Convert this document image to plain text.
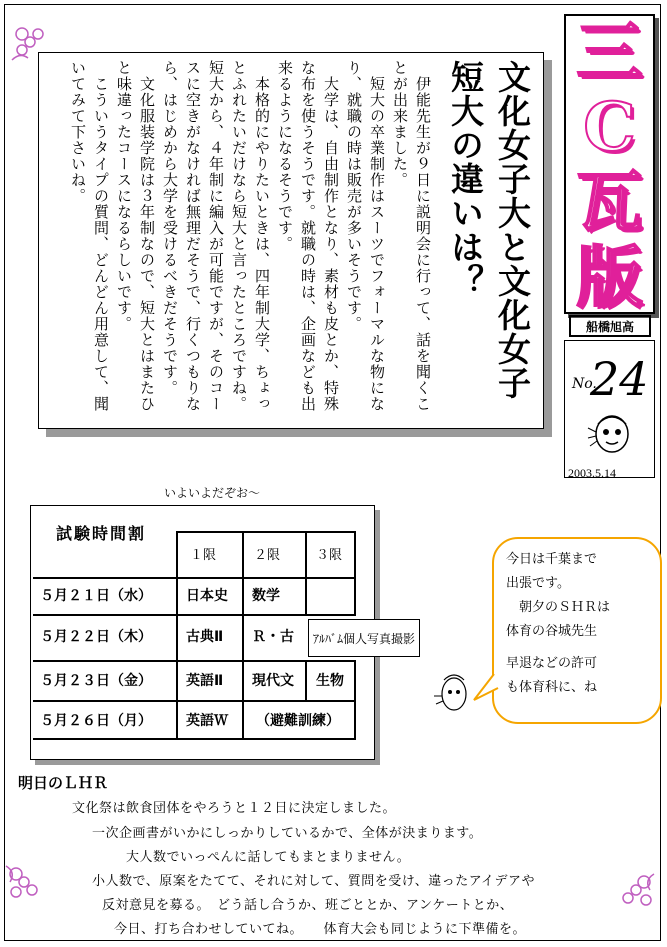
三
C
瓦
版
船橋旭高
No.
24
2003.5.14

文化女子大と文化女子短大の違いは？

　伊能先生が９日に説明会に行って、話を聞くことが出来ました。

　短大の卒業制作はスーツでフォーマルな物になり、就職の時は販売が多いそうです。

　大学は、自由制作となり、素材も皮とか、特殊な布を使うそうです。就職の時は、企画なども出来るようになるそうです。

　本格的にやりたいときは、四年制大学、ちょっとふれたいだけなら短大と言ったところですね。短大から、４年制に編入が可能ですが、そのコースに空きがなければ無理だそうで、行くつもりなら、はじめから大学を受けるべきだそうです。

　文化服装学院は３年制なので、短大とはまたひと味違ったコースになるらしいです。

　こういうタイプの質問、どんどん用意して、聞いてみて下さいね。

いよいよだぞお～
試験時間割
１限	２限	３限
５月２１日（水） 日本史 数学
５月２２日（木） 古典Ⅱ Ｒ・古	ｱﾙﾊﾞﾑ個人写真撮影
５月２３日（金） 英語Ⅱ 現代文 生物
５月２６日（月） 英語Ｗ （避難訓練）
今日は千葉まで
出張です。
　朝夕のＳＨＲは
体育の谷城先生
早退などの許可
も体育科に、ね
明日のＬＨＲ
文化祭は飲食団体をやろうと１２日に決定しました。
一次企画書がいかにしっかりしているかで、全体が決まります。
大人数でいっぺんに話してもまとまりません。
小人数で、原案をたてて、それに対して、質問を受け、違ったアイデアや
反対意見を募る。　どう話し合うか、班ごととか、アンケートとか、
今日、打ち合わせしていてね。　　体育大会も同じように下準備を。
